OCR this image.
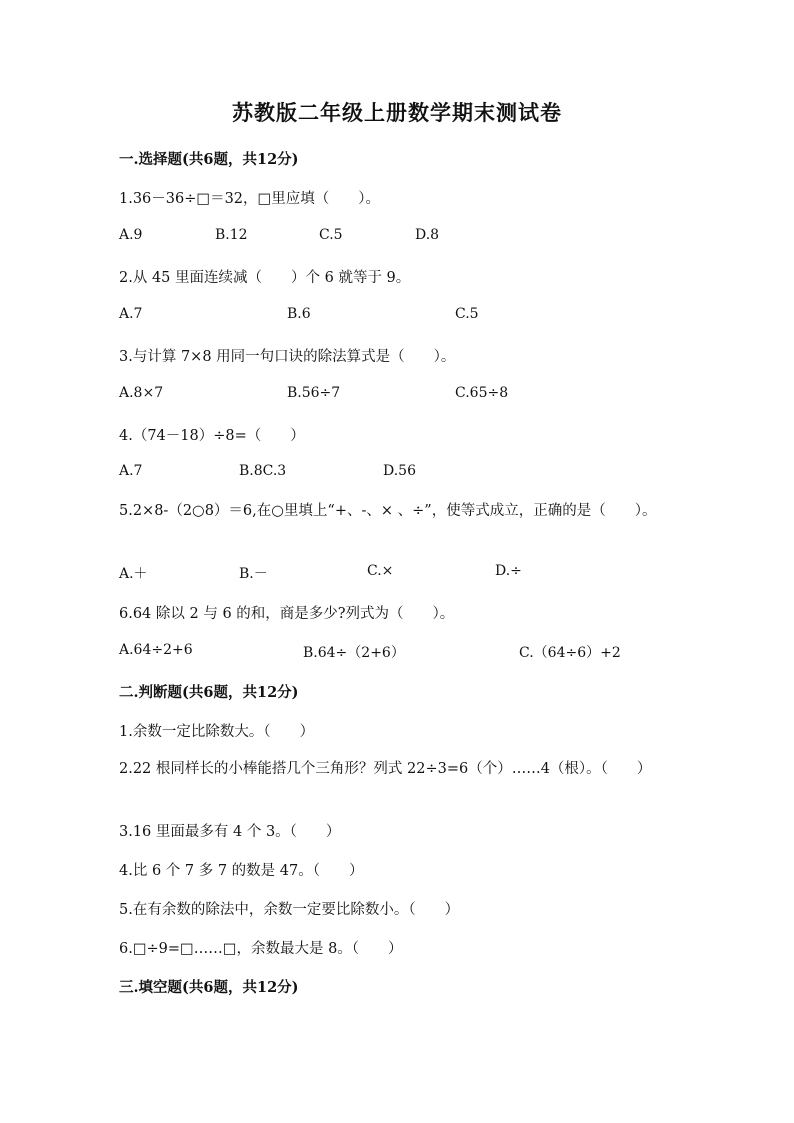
苏教版二年级上册数学期末测试卷
一.选择题(共6题，共12分)
1.36－36÷□＝32，□里应填（　　）。
A.9	B.12	C.5	D.8
2.从 45 里面连续减（　　）个 6 就等于 9。
A.7	B.6	C.5
3.与计算 7×8 用同一句口诀的除法算式是（　　）。
A.8×7	B.56÷7	C.65÷8
4.（74－18）÷8=（　　）
A.7	B.8C.3	D.56
5.2×8-（2○8）＝6,在○里填上“+、-、× 、÷”，使等式成立，正确的是（　　）。
A.＋	B.－	C.×	D.÷
6.64 除以 2 与 6 的和，商是多少?列式为（　　）。
A.64÷2+6	B.64÷（2+6）	C.（64÷6）+2
二.判断题(共6题，共12分)
1.余数一定比除数大。（　　）
2.22 根同样长的小棒能搭几个三角形？列式 22÷3=6（个）……4（根）。（　　）
3.16 里面最多有 4 个 3。（　　）
4.比 6 个 7 多 7 的数是 47。（　　）
5.在有余数的除法中，余数一定要比除数小。（　　）
6.□÷9=□……□，余数最大是 8。（　　）
三.填空题(共6题，共12分)
